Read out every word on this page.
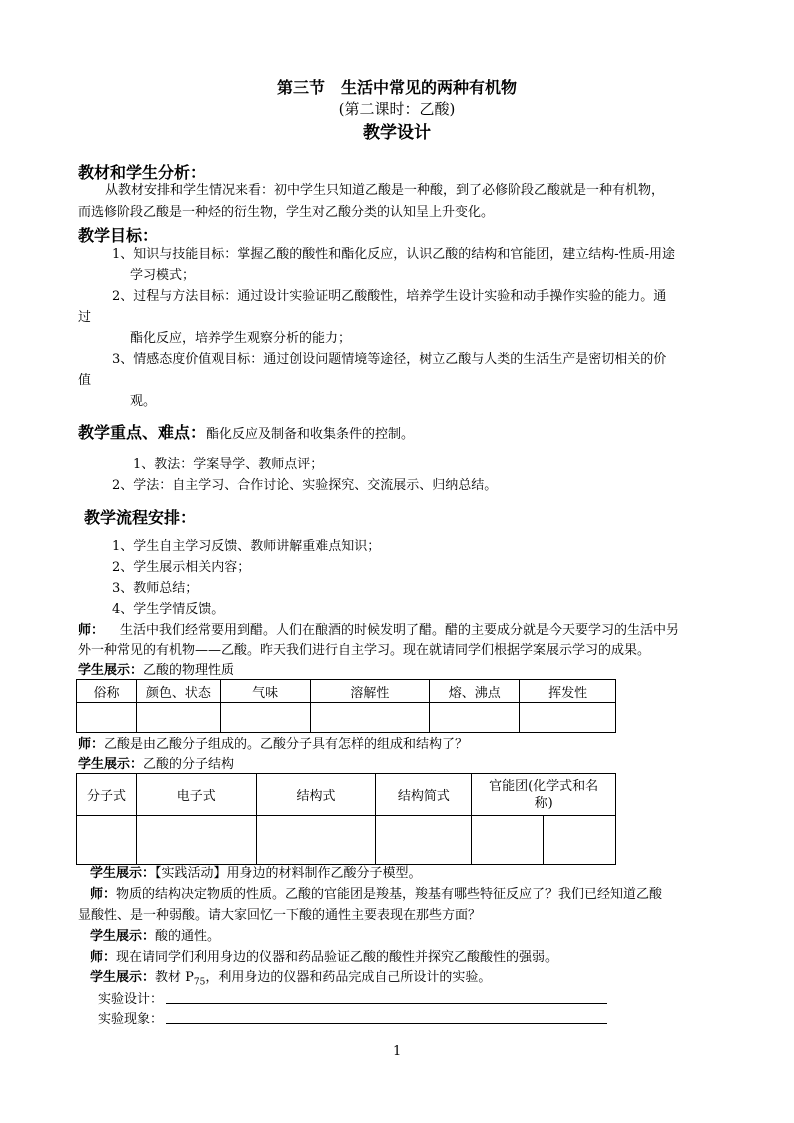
第三节　生活中常见的两种有机物
(第二课时：乙酸)
教学设计
教材和学生分析：
从教材安排和学生情况来看：初中学生只知道乙酸是一种酸，到了必修阶段乙酸就是一种有机物，
而选修阶段乙酸是一种烃的衍生物，学生对乙酸分类的认知呈上升变化。
教学目标：
1、知识与技能目标：掌握乙酸的酸性和酯化反应，认识乙酸的结构和官能团，建立结构-性质-用途
学习模式；
2、过程与方法目标：通过设计实验证明乙酸酸性，培养学生设计实验和动手操作实验的能力。通
过
酯化反应，培养学生观察分析的能力；
3、情感态度价值观目标：通过创设问题情境等途径，树立乙酸与人类的生活生产是密切相关的价
值
观。
教学重点、难点：酯化反应及制备和收集条件的控制。
1、教法：学案导学、教师点评；
2、学法：自主学习、合作讨论、实验探究、交流展示、归纳总结。
教学流程安排：
1、学生自主学习反馈、教师讲解重难点知识；
2、学生展示相关内容；
3、教师总结；
4、学生学情反馈。
师： 生活中我们经常要用到醋。人们在酿酒的时候发明了醋。醋的主要成分就是今天要学习的生活中另
外一种常见的有机物——乙酸。昨天我们进行自主学习。现在就请同学们根据学案展示学习的成果。
学生展示：乙酸的物理性质
俗称	颜色、状态	气味	溶解性	熔、沸点	挥发性

师：乙酸是由乙酸分子组成的。乙酸分子具有怎样的组成和结构了？
学生展示：乙酸的分子结构
分子式	电子式	结构式	结构简式	官能团(化学式和名
称)	

学生展示：【实践活动】用身边的材料制作乙酸分子模型。
师：物质的结构决定物质的性质。乙酸的官能团是羧基，羧基有哪些特征反应了？我们已经知道乙酸
显酸性、是一种弱酸。请大家回忆一下酸的通性主要表现在那些方面？
学生展示：酸的通性。
师：现在请同学们利用身边的仪器和药品验证乙酸的酸性并探究乙酸酸性的强弱。
学生展示：教材 $P_{75}$，利用身边的仪器和药品完成自己所设计的实验。
实验设计：
实验现象：
1
